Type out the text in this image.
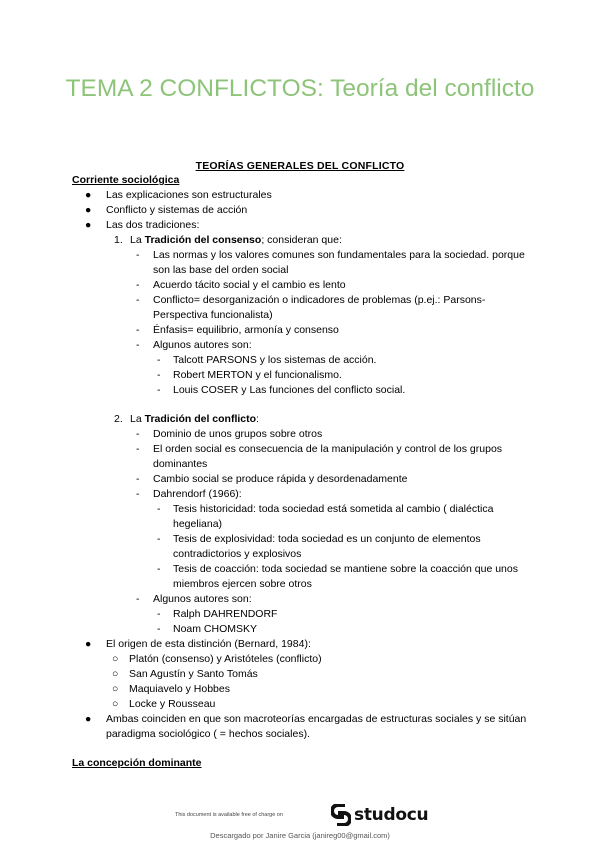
TEMA 2 CONFLICTOS: Teoría del conflicto
TEORÍAS GENERALES DEL CONFLICTO

Corriente sociológica

● Las explicaciones son estructurales
● Conflicto y sistemas de acción
● Las dos tradiciones:
1. La Tradición del consenso; consideran que:
- Las normas y los valores comunes son fundamentales para la sociedad. porque son las base del orden social
- Acuerdo tácito social y el cambio es lento
- Conflicto= desorganización o indicadores de problemas (p.ej.: Parsons- Perspectiva funcionalista)
- Énfasis= equilibrio, armonía y consenso
- Algunos autores son:
- Talcott PARSONS y los sistemas de acción.
- Robert MERTON y el funcionalismo.
- Louis COSER y Las funciones del conflicto social.
2. La Tradición del conflicto:
- Dominio de unos grupos sobre otros
- El orden social es consecuencia de la manipulación y control de los grupos dominantes
- Cambio social se produce rápida y desordenadamente
- Dahrendorf (1966):
- Tesis historicidad: toda sociedad está sometida al cambio ( dialéctica hegeliana)
- Tesis de explosividad: toda sociedad es un conjunto de elementos contradictorios y explosivos
- Tesis de coacción: toda sociedad se mantiene sobre la coacción que unos miembros ejercen sobre otros
- Algunos autores son:
- Ralph DAHRENDORF
- Noam CHOMSKY
● El origen de esta distinción (Bernard, 1984):
○ Platón (consenso) y Aristóteles (conflicto)
○ San Agustín y Santo Tomás
○ Maquiavelo y Hobbes
○ Locke y Rousseau
● Ambas coinciden en que son macroteorías encargadas de estructuras sociales y se sitúan paradigma sociológico ( = hechos sociales).

La concepción dominante

This document is available free of charge on	studocu
Descargado por Janire Garcia (janireg00@gmail.com)
